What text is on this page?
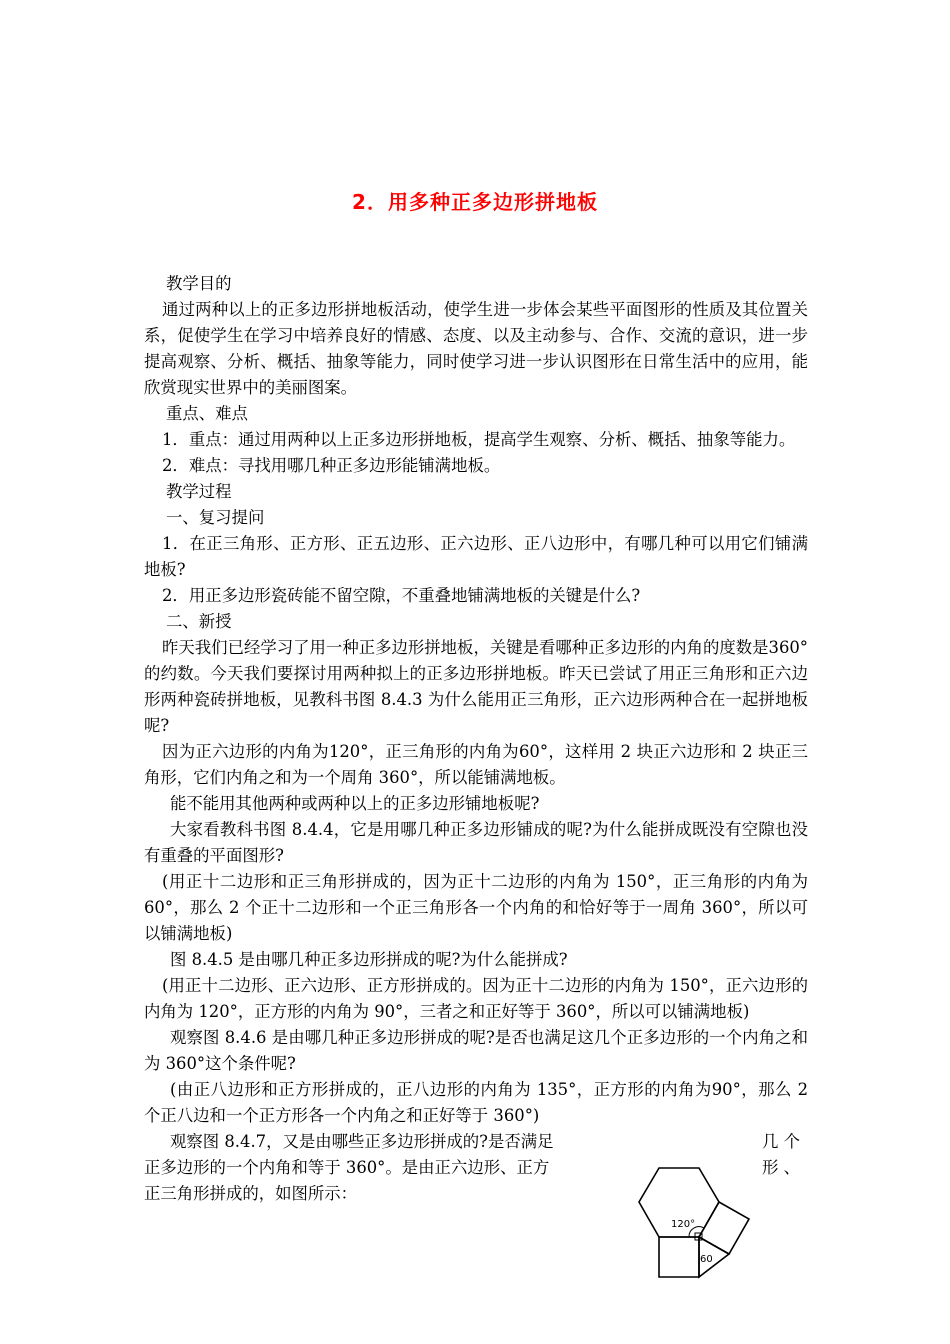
2．用多种正多边形拼地板

教学目的

通过两种以上的正多边形拼地板活动，使学生进一步体会某些平面图形的性质及其位置关系，促使学生在学习中培养良好的情感、态度、以及主动参与、合作、交流的意识，进一步提高观察、分析、概括、抽象等能力，同时使学习进一步认识图形在日常生活中的应用，能欣赏现实世界中的美丽图案。

重点、难点

1．重点：通过用两种以上正多边形拼地板，提高学生观察、分析、概括、抽象等能力。

2．难点：寻找用哪几种正多边形能铺满地板。

教学过程

一、复习提问

1．在正三角形、正方形、正五边形、正六边形、正八边形中，有哪几种可以用它们铺满地板?

2．用正多边形瓷砖能不留空隙，不重叠地铺满地板的关键是什么?

二、新授

昨天我们已经学习了用一种正多边形拼地板，关键是看哪种正多边形的内角的度数是360°的约数。今天我们要探讨用两种拟上的正多边形拼地板。昨天已尝试了用正三角形和正六边形两种瓷砖拼地板，见教科书图 8.4.3 为什么能用正三角形，正六边形两种合在一起拼地板呢?

因为正六边形的内角为120°，正三角形的内角为60°，这样用 2 块正六边形和 2 块正三角形，它们内角之和为一个周角 360°，所以能铺满地板。

能不能用其他两种或两种以上的正多边形铺地板呢?

大家看教科书图 8.4.4，它是用哪几种正多边形铺成的呢?为什么能拼成既没有空隙也没有重叠的平面图形?

(用正十二边形和正三角形拼成的，因为正十二边形的内角为 150°，正三角形的内角为60°，那么 2 个正十二边形和一个正三角形各一个内角的和恰好等于一周角 360°，所以可以铺满地板)

图 8.4.5 是由哪几种正多边形拼成的呢?为什么能拼成?

(用正十二边形、正六边形、正方形拼成的。因为正十二边形的内角为 150°，正六边形的内角为 120°，正方形的内角为 90°，三者之和正好等于 360°，所以可以铺满地板)

观察图 8.4.6 是由哪几种正多边形拼成的呢?是否也满足这几个正多边形的一个内角之和为 360°这个条件呢?

(由正八边形和正方形拼成的，正八边形的内角为 135°，正方形的内角为90°，那么 2 个正八边和一个正方形各一个内角之和正好等于 360°)

观察图 8.4.7，又是由哪些正多边形拼成的?是否满足	几 个

正多边形的一个内角和等于 360°。是由正六边形、正方	形 、

正三角形拼成的，如图所示：

120°
60
